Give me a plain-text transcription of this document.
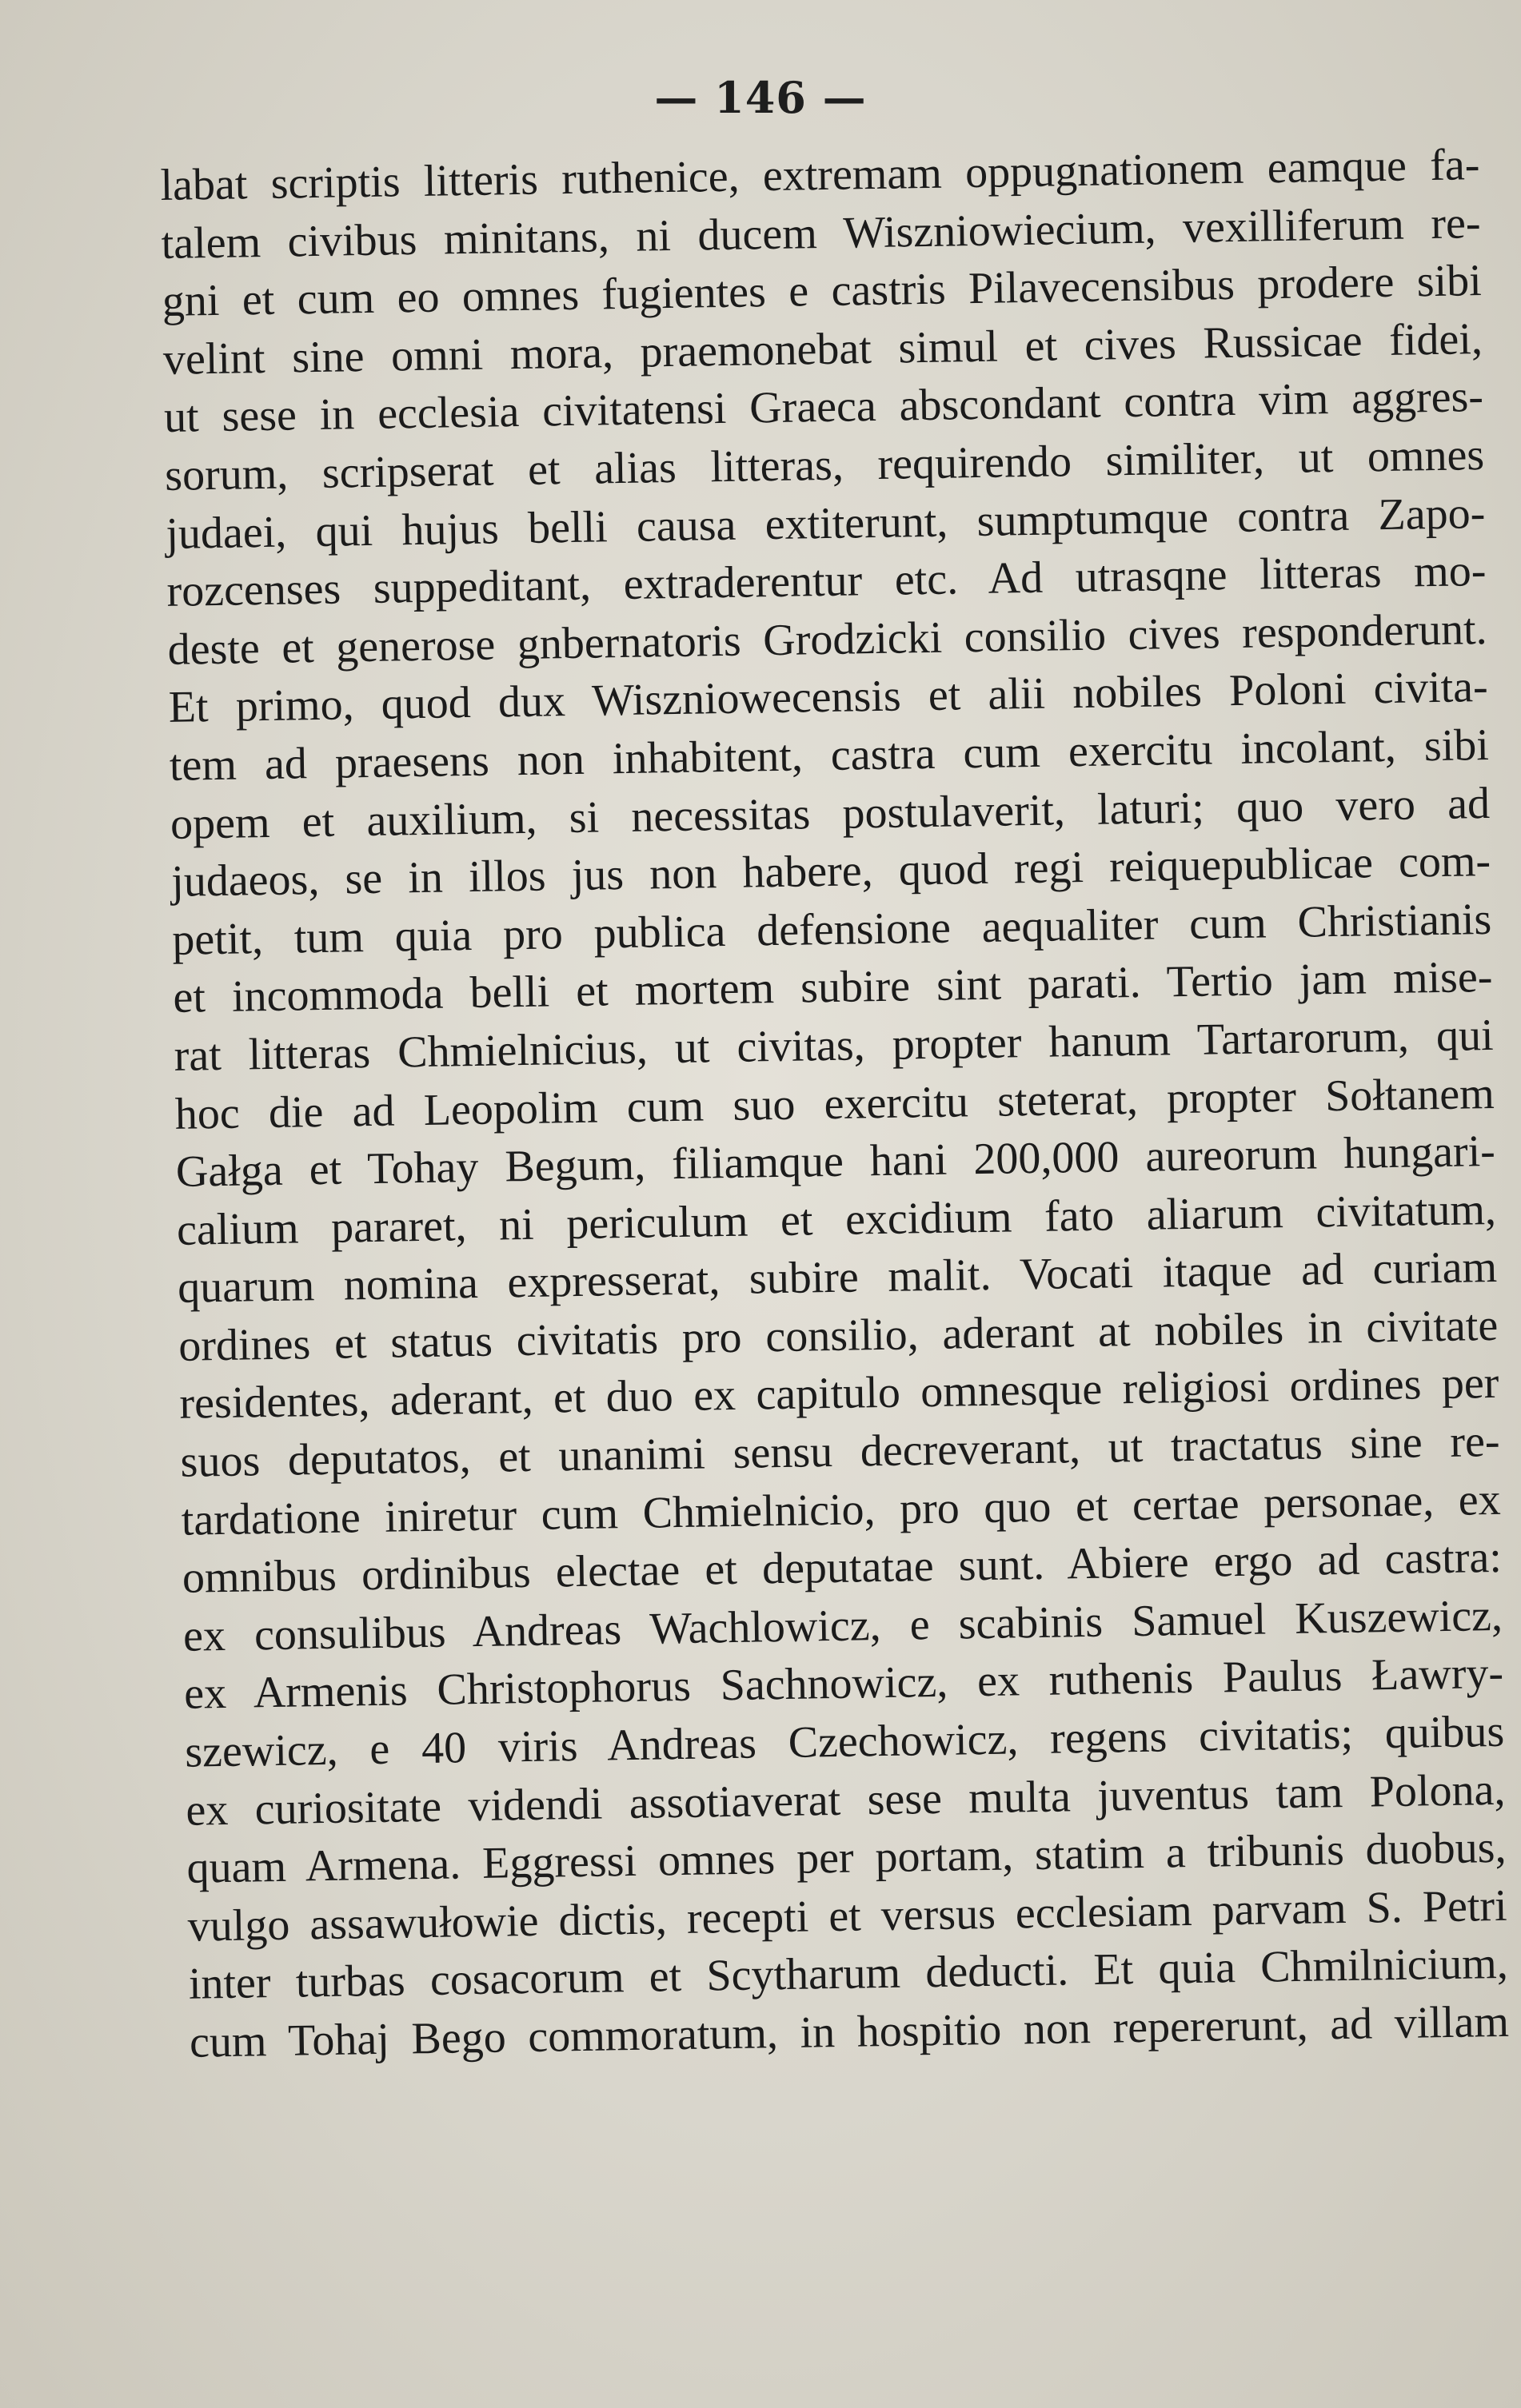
— 146 —
labat scriptis litteris ruthenice, extremam oppugnationem eamque fa-
talem civibus minitans, ni ducem Wiszniowiecium, vexilliferum re-
gni et cum eo omnes fugientes e castris Pilavecensibus prodere sibi
velint sine omni mora, praemonebat simul et cives Russicae fidei,
ut sese in ecclesia civitatensi Graeca abscondant contra vim aggres-
sorum, scripserat et alias litteras, requirendo similiter, ut omnes
judaei, qui hujus belli causa extiterunt, sumptumque contra Zapo-
rozcenses suppeditant, extraderentur etc. Ad utrasqne litteras mo-
deste et generose gnbernatoris Grodzicki consilio cives responderunt.
Et primo, quod dux Wiszniowecensis et alii nobiles Poloni civita-
tem ad praesens non inhabitent, castra cum exercitu incolant, sibi
opem et auxilium, si necessitas postulaverit, laturi; quo vero ad
judaeos, se in illos jus non habere, quod regi reiquepublicae com-
petit, tum quia pro publica defensione aequaliter cum Christianis
et incommoda belli et mortem subire sint parati. Tertio jam mise-
rat litteras Chmielnicius, ut civitas, propter hanum Tartarorum, qui
hoc die ad Leopolim cum suo exercitu steterat, propter Sołtanem
Gałga et Tohay Begum, filiamque hani 200,000 aureorum hungari-
calium pararet, ni periculum et excidium fato aliarum civitatum,
quarum nomina expresserat, subire malit. Vocati itaque ad curiam
ordines et status civitatis pro consilio, aderant at nobiles in civitate
residentes, aderant, et duo ex capitulo omnesque religiosi ordines per
suos deputatos, et unanimi sensu decreverant, ut tractatus sine re-
tardatione iniretur cum Chmielnicio, pro quo et certae personae, ex
omnibus ordinibus electae et deputatae sunt. Abiere ergo ad castra:
ex consulibus Andreas Wachlowicz, e scabinis Samuel Kuszewicz,
ex Armenis Christophorus Sachnowicz, ex ruthenis Paulus Ławry-
szewicz, e 40 viris Andreas Czechowicz, regens civitatis; quibus
ex curiositate videndi assotiaverat sese multa juventus tam Polona,
quam Armena. Eggressi omnes per portam, statim a tribunis duobus,
vulgo assawułowie dictis, recepti et versus ecclesiam parvam S. Petri
inter turbas cosacorum et Scytharum deducti. Et quia Chmilnicium,
cum Tohaj Bego commoratum, in hospitio non repererunt, ad villam
